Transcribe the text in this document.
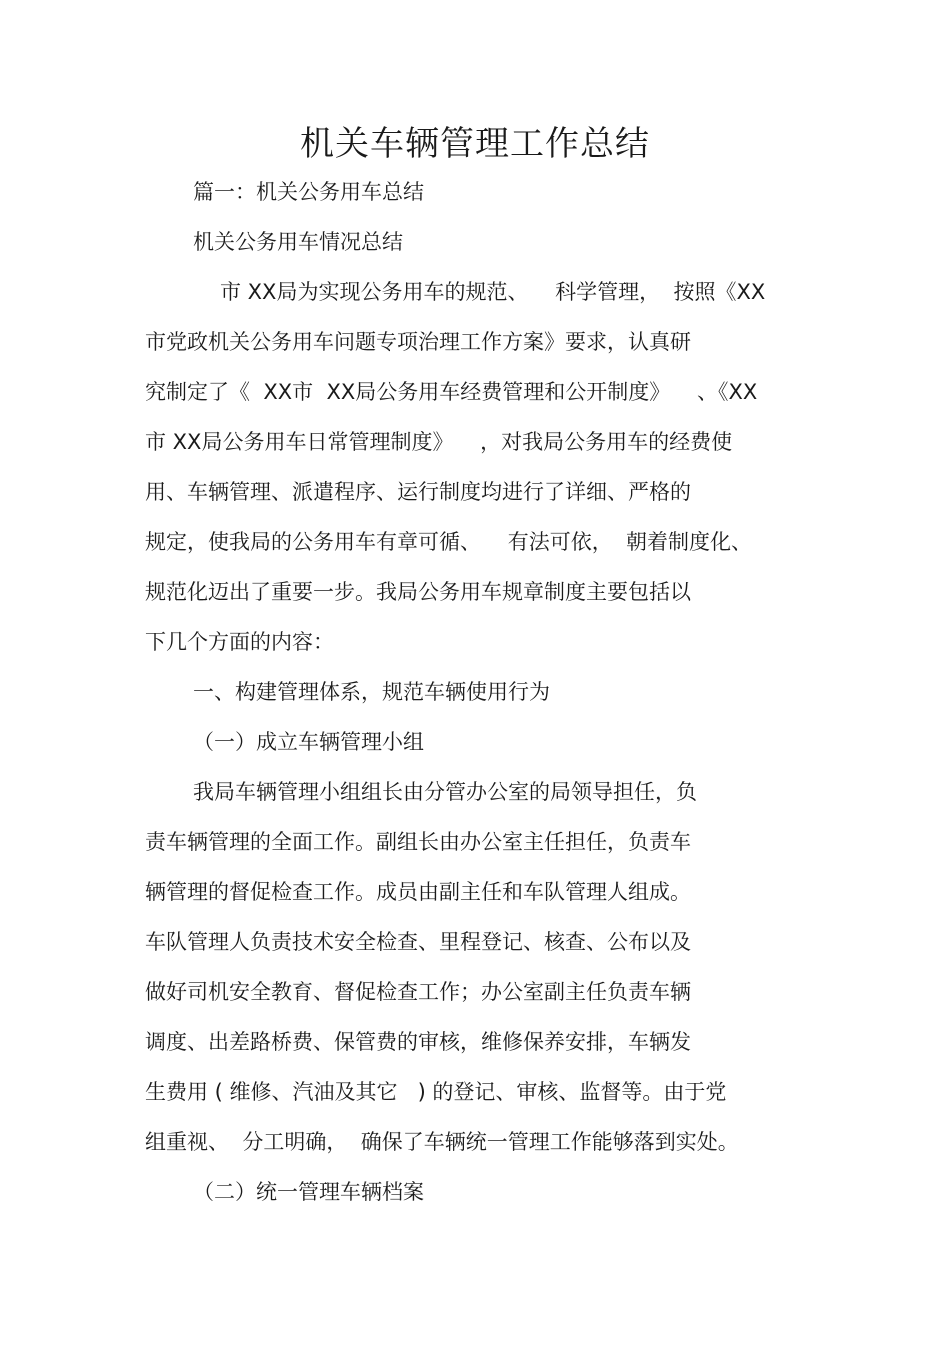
机关车辆管理工作总结
篇一：机关公务用车总结
机关公务用车情况总结
市 XX局为实现公务用车的规范、    科学管理，  按照《XX
市党政机关公务用车问题专项治理工作方案》要求，认真研
究制定了《  XX市  XX局公务用车经费管理和公开制度》    、《XX
市 XX局公务用车日常管理制度》    ，对我局公务用车的经费使
用、车辆管理、派遣程序、运行制度均进行了详细、严格的
规定，使我局的公务用车有章可循、    有法可依，  朝着制度化、
规范化迈出了重要一步。我局公务用车规章制度主要包括以
下几个方面的内容：
一、构建管理体系，规范车辆使用行为
（一）成立车辆管理小组
我局车辆管理小组组长由分管办公室的局领导担任，负
责车辆管理的全面工作。副组长由办公室主任担任，负责车
辆管理的督促检查工作。成员由副主任和车队管理人组成。
车队管理人负责技术安全检查、里程登记、核查、公布以及
做好司机安全教育、督促检查工作；办公室副主任负责车辆
调度、出差路桥费、保管费的审核，维修保养安排，车辆发
生费用 ( 维修、汽油及其它   ) 的登记、审核、监督等。由于党
组重视、  分工明确，  确保了车辆统一管理工作能够落到实处。
（二）统一管理车辆档案
